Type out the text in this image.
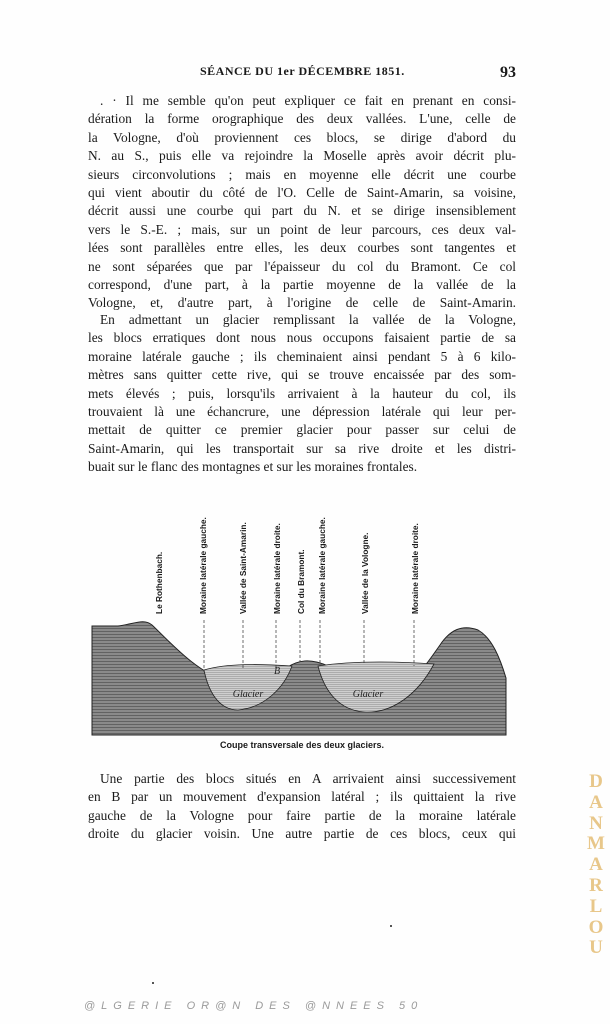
SÉANCE DU 1er DÉCEMBRE 1851.	93
. · Il me semble qu'on peut expliquer ce fait en prenant en consi-
dération la forme orographique des deux vallées. L'une, celle de
la Vologne, d'où proviennent ces blocs, se dirige d'abord du
N. au S., puis elle va rejoindre la Moselle après avoir décrit plu-
sieurs circonvolutions ; mais en moyenne elle décrit une courbe
qui vient aboutir du côté de l'O. Celle de Saint-Amarin, sa voisine,
décrit aussi une courbe qui part du N. et se dirige insensiblement
vers le S.-E. ; mais, sur un point de leur parcours, ces deux val-
lées sont parallèles entre elles, les deux courbes sont tangentes et
ne sont séparées que par l'épaisseur du col du Bramont. Ce col
correspond, d'une part, à la partie moyenne de la vallée de la
Vologne, et, d'autre part, à l'origine de celle de Saint-Amarin.
En admettant un glacier remplissant la vallée de la Vologne,
les blocs erratiques dont nous nous occupons faisaient partie de sa
moraine latérale gauche ; ils cheminaient ainsi pendant 5 à 6 kilo-
mètres sans quitter cette rive, qui se trouve encaissée par des som-
mets élevés ; puis, lorsqu'ils arrivaient à la hauteur du col, ils
trouvaient là une échancrure, une dépression latérale qui leur per-
mettait de quitter ce premier glacier pour passer sur celui de
Saint-Amarin, qui les transportait sur sa rive droite et les distri-
buait sur le flanc des montagnes et sur les moraines frontales.
Une partie des blocs situés en A arrivaient ainsi successivement
en B par un mouvement d'expansion latéral ; ils quittaient la rive
gauche de la Vologne pour faire partie de la moraine latérale
droite du glacier voisin. Une autre partie de ces blocs, ceux qui
Glacier	Glacier
B
Le Rothenbach.	Moraine latérale gauche.	Vallée de Saint-Amarin.	Moraine latérale droite. Col du Bramont. Moraine latérale gauche.	Vallée de la Vologne.	Moraine latérale droite.
Coupe transversale des deux glaciers.
D
A
N
M
A
R
L
O
U
@LGERIE OR@N DES @NNEES 50
